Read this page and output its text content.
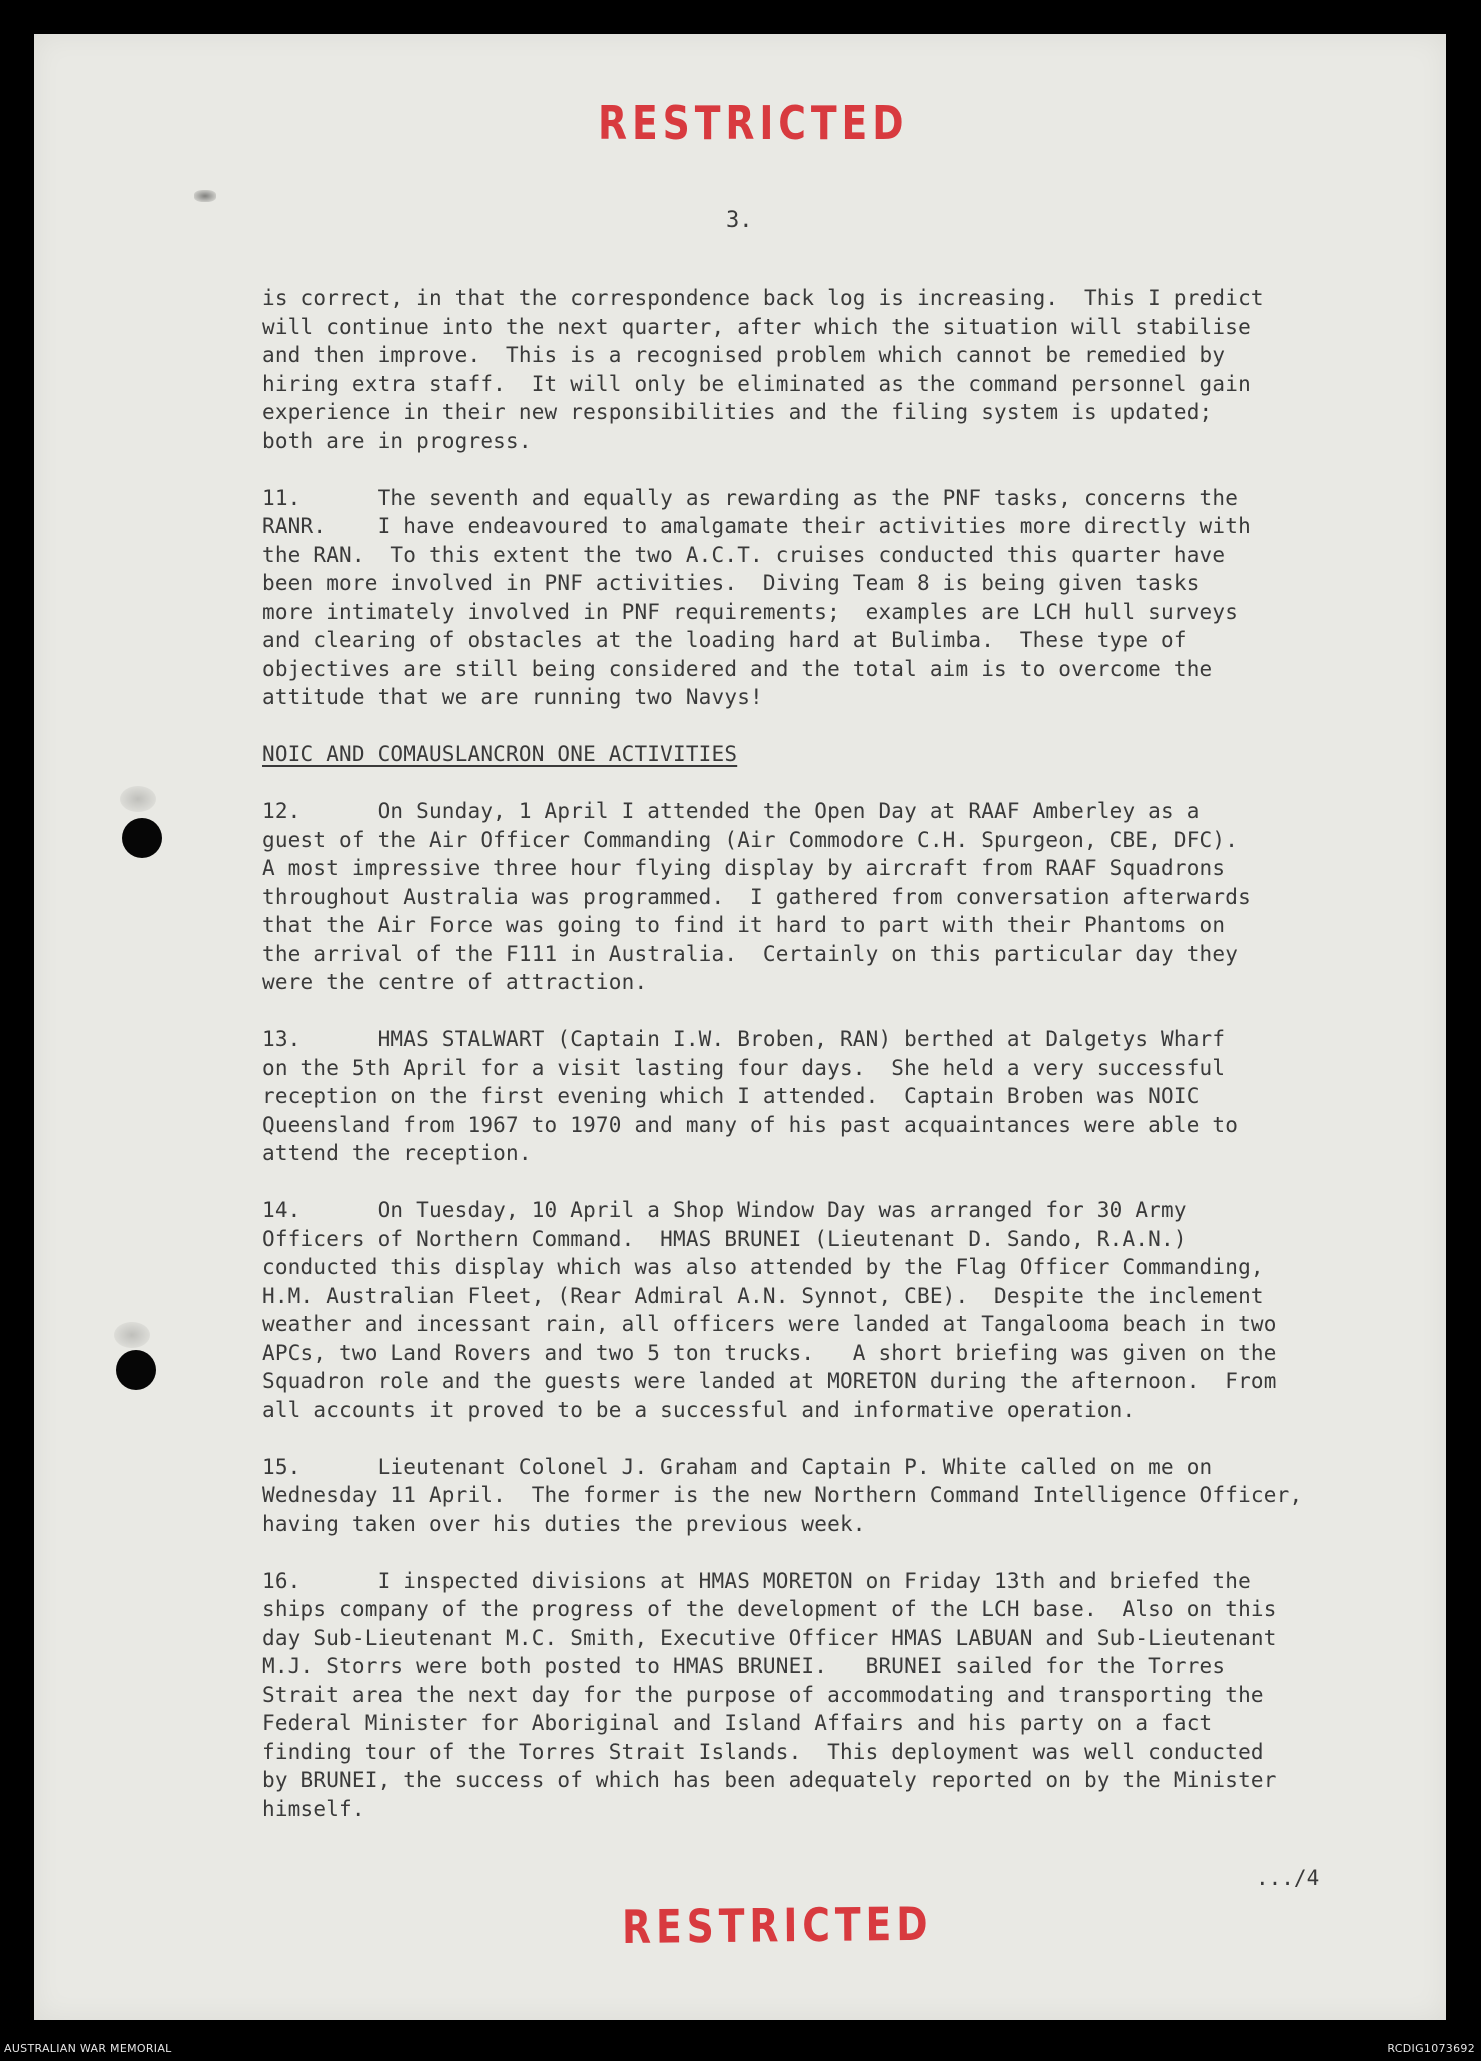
RESTRICTED
3.
is correct, in that the correspondence back log is increasing.  This I predict
will continue into the next quarter, after which the situation will stabilise
and then improve.  This is a recognised problem which cannot be remedied by
hiring extra staff.  It will only be eliminated as the command personnel gain
experience in their new responsibilities and the filing system is updated;
both are in progress.
11.      The seventh and equally as rewarding as the PNF tasks, concerns the
RANR.    I have endeavoured to amalgamate their activities more directly with
the RAN.  To this extent the two A.C.T. cruises conducted this quarter have
been more involved in PNF activities.  Diving Team 8 is being given tasks
more intimately involved in PNF requirements;  examples are LCH hull surveys
and clearing of obstacles at the loading hard at Bulimba.  These type of
objectives are still being considered and the total aim is to overcome the
attitude that we are running two Navys!
NOIC AND COMAUSLANCRON ONE ACTIVITIES
12.      On Sunday, 1 April I attended the Open Day at RAAF Amberley as a
guest of the Air Officer Commanding (Air Commodore C.H. Spurgeon, CBE, DFC).
A most impressive three hour flying display by aircraft from RAAF Squadrons
throughout Australia was programmed.  I gathered from conversation afterwards
that the Air Force was going to find it hard to part with their Phantoms on
the arrival of the F111 in Australia.  Certainly on this particular day they
were the centre of attraction.
13.      HMAS STALWART (Captain I.W. Broben, RAN) berthed at Dalgetys Wharf
on the 5th April for a visit lasting four days.  She held a very successful
reception on the first evening which I attended.  Captain Broben was NOIC
Queensland from 1967 to 1970 and many of his past acquaintances were able to
attend the reception.
14.      On Tuesday, 10 April a Shop Window Day was arranged for 30 Army
Officers of Northern Command.  HMAS BRUNEI (Lieutenant D. Sando, R.A.N.)
conducted this display which was also attended by the Flag Officer Commanding,
H.M. Australian Fleet, (Rear Admiral A.N. Synnot, CBE).  Despite the inclement
weather and incessant rain, all officers were landed at Tangalooma beach in two
APCs, two Land Rovers and two 5 ton trucks.   A short briefing was given on the
Squadron role and the guests were landed at MORETON during the afternoon.  From
all accounts it proved to be a successful and informative operation.
15.      Lieutenant Colonel J. Graham and Captain P. White called on me on
Wednesday 11 April.  The former is the new Northern Command Intelligence Officer,
having taken over his duties the previous week.
16.      I inspected divisions at HMAS MORETON on Friday 13th and briefed the
ships company of the progress of the development of the LCH base.  Also on this
day Sub-Lieutenant M.C. Smith, Executive Officer HMAS LABUAN and Sub-Lieutenant
M.J. Storrs were both posted to HMAS BRUNEI.   BRUNEI sailed for the Torres
Strait area the next day for the purpose of accommodating and transporting the
Federal Minister for Aboriginal and Island Affairs and his party on a fact
finding tour of the Torres Strait Islands.  This deployment was well conducted
by BRUNEI, the success of which has been adequately reported on by the Minister
himself.
.../4
RESTRICTED
AUSTRALIAN WAR MEMORIAL	RCDIG1073692
